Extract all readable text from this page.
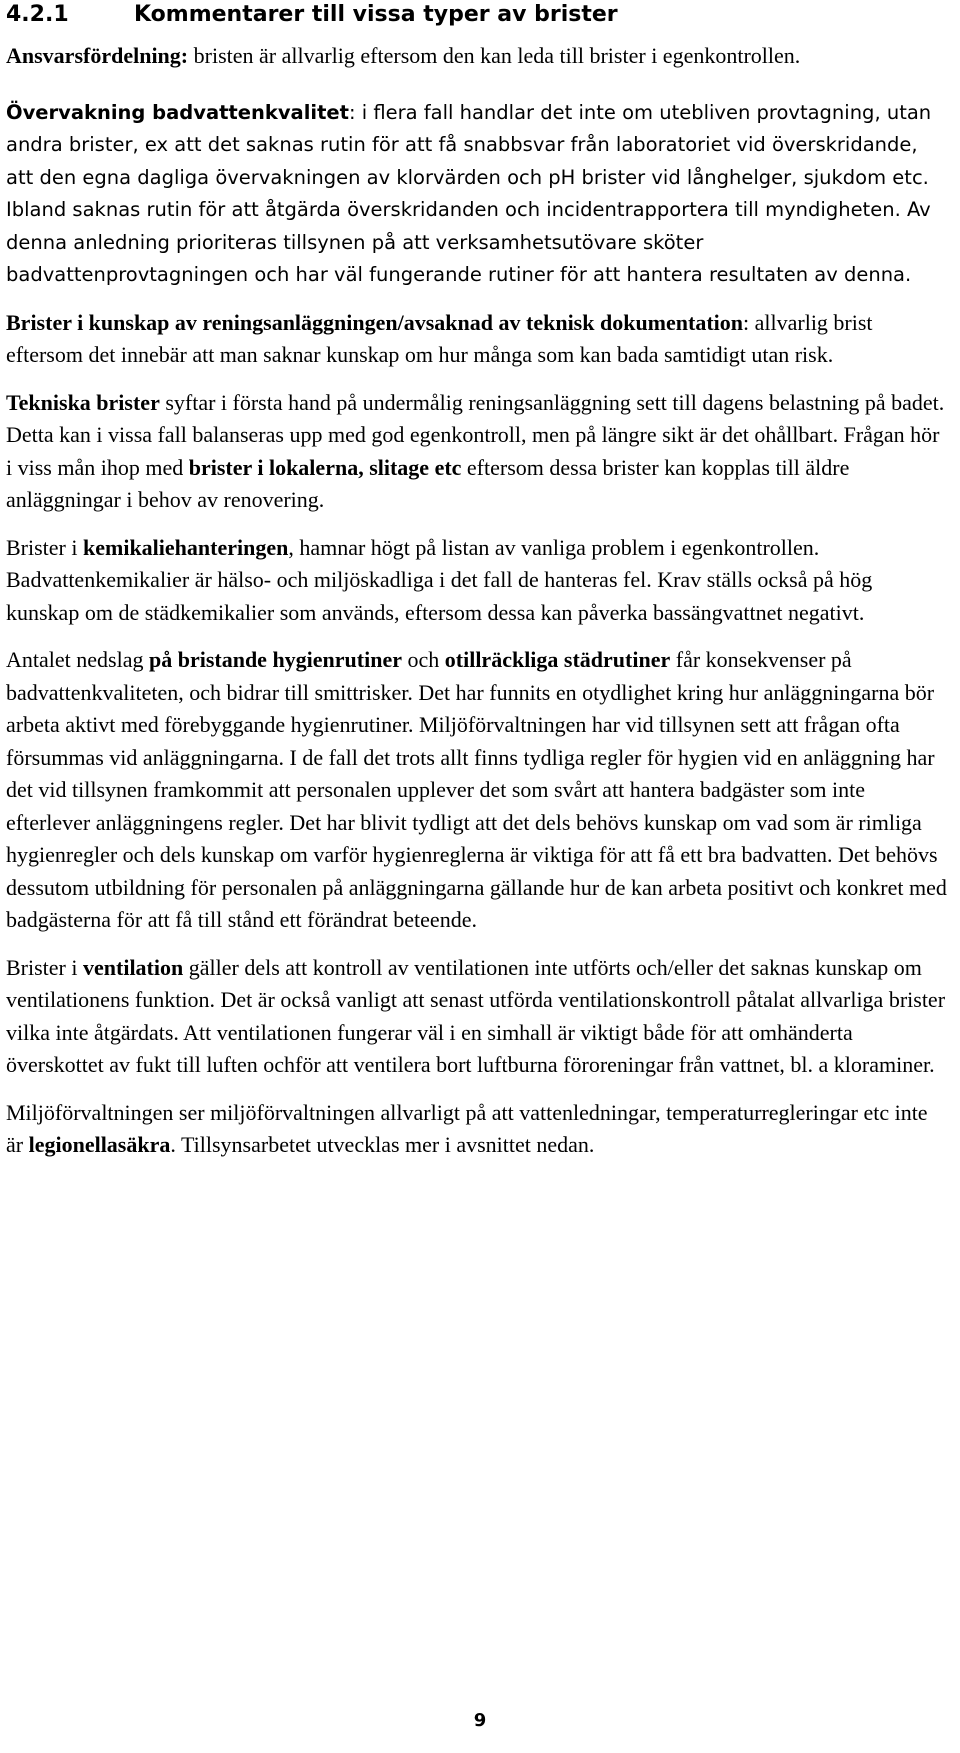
4.2.1	Kommentarer till vissa typer av brister

Ansvarsfördelning: bristen är allvarlig eftersom den kan leda till brister i egenkontrollen.

Övervakning badvattenkvalitet: i flera fall handlar det inte om utebliven provtagning, utan andra brister, ex att det saknas rutin för att få snabbsvar från laboratoriet vid överskridande, att den egna dagliga övervakningen av klorvärden och pH brister vid långhelger, sjukdom etc. Ibland saknas rutin för att åtgärda överskridanden och incidentrapportera till myndigheten. Av denna anledning prioriteras tillsynen på att verksamhetsutövare sköter badvattenprovtagningen och har väl fungerande rutiner för att hantera resultaten av denna.

Brister i kunskap av reningsanläggningen/avsaknad av teknisk dokumentation: allvarlig brist eftersom det innebär att man saknar kunskap om hur många som kan bada samtidigt utan risk.

Tekniska brister syftar i första hand på undermålig reningsanläggning sett till dagens belastning på badet. Detta kan i vissa fall balanseras upp med god egenkontroll, men på längre sikt är det ohållbart. Frågan hör i viss mån ihop med brister i lokalerna, slitage etc eftersom dessa brister kan kopplas till äldre anläggningar i behov av renovering.

Brister i kemikaliehanteringen, hamnar högt på listan av vanliga problem i egenkontrollen. Badvattenkemikalier är hälso- och miljöskadliga i det fall de hanteras fel. Krav ställs också på hög kunskap om de städkemikalier som används, eftersom dessa kan påverka bassängvattnet negativt.

Antalet nedslag på bristande hygienrutiner och otillräckliga städrutiner får konsekvenser på badvattenkvaliteten, och bidrar till smittrisker. Det har funnits en otydlighet kring hur anläggningarna bör arbeta aktivt med förebyggande hygienrutiner. Miljöförvaltningen har vid tillsynen sett att frågan ofta försummas vid anläggningarna. I de fall det trots allt finns tydliga regler för hygien vid en anläggning har det vid tillsynen framkommit att personalen upplever det som svårt att hantera badgäster som inte efterlever anläggningens regler. Det har blivit tydligt att det dels behövs kunskap om vad som är rimliga hygienregler och dels kunskap om varför hygienreglerna är viktiga för att få ett bra badvatten. Det behövs dessutom utbildning för personalen på anläggningarna gällande hur de kan arbeta positivt och konkret med badgästerna för att få till stånd ett förändrat beteende.

Brister i ventilation gäller dels att kontroll av ventilationen inte utförts och/eller det saknas kunskap om ventilationens funktion. Det är också vanligt att senast utförda ventilationskontroll påtalat allvarliga brister vilka inte åtgärdats. Att ventilationen fungerar väl i en simhall är viktigt både för att omhänderta överskottet av fukt till luften ochför att ventilera bort luftburna föroreningar från vattnet, bl. a kloraminer.

Miljöförvaltningen ser miljöförvaltningen allvarligt på att vattenledningar, temperaturregleringar etc inte är legionellasäkra. Tillsynsarbetet utvecklas mer i avsnittet nedan.

9
